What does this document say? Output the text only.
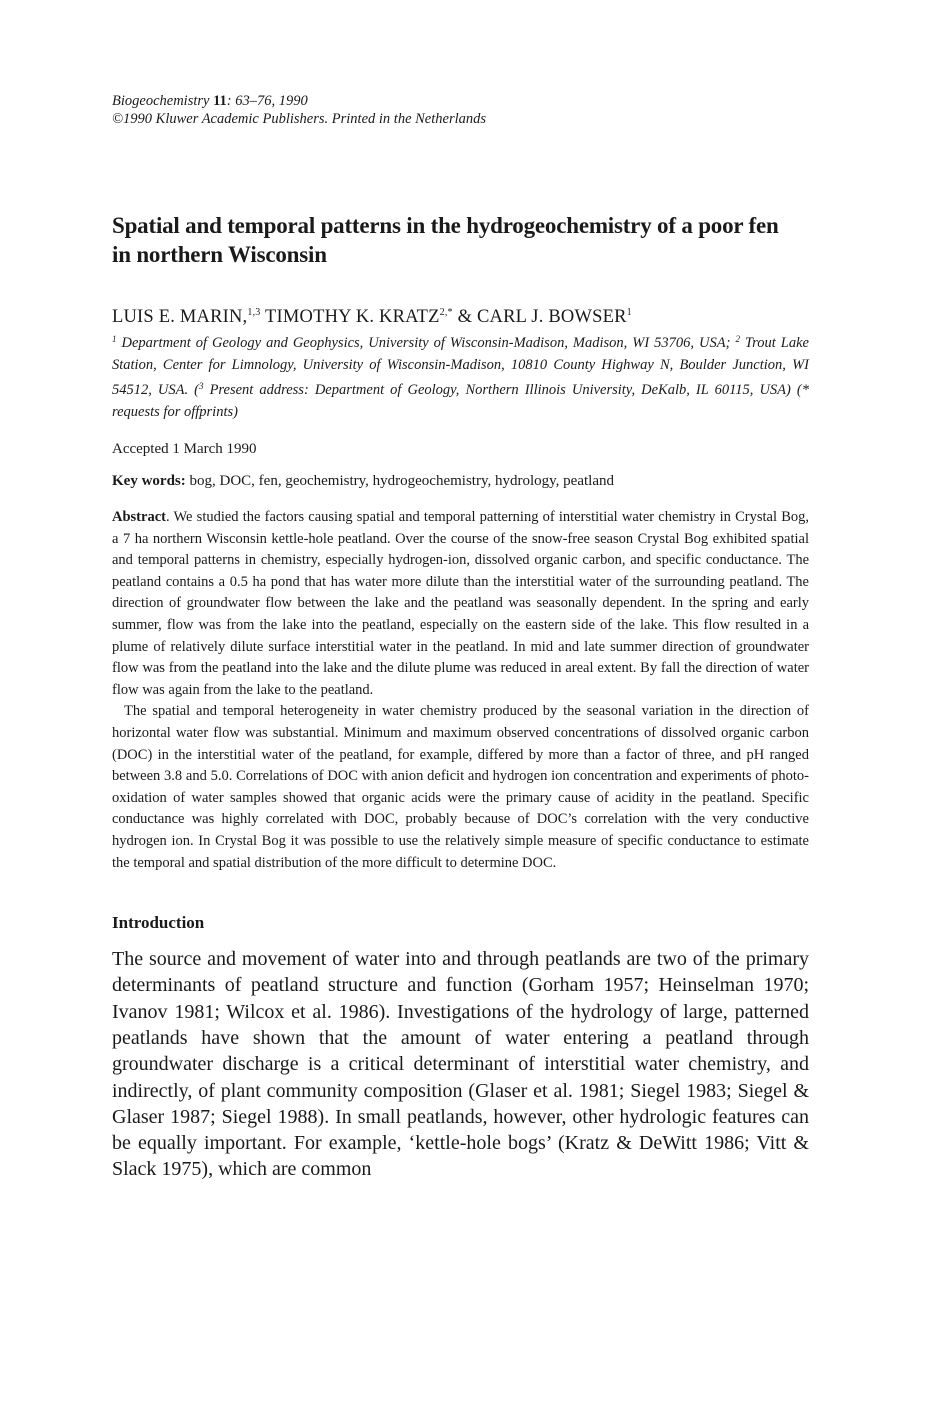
Biogeochemistry 11: 63–76, 1990
©1990 Kluwer Academic Publishers. Printed in the Netherlands
Spatial and temporal patterns in the hydrogeochemistry of a poor fen in northern Wisconsin
LUIS E. MARIN,$^{1,3}$ TIMOTHY K. $KRATZ^{2,*}$ & CARL J. BOWSER$^1$
$^1$ Department of Geology and Geophysics, University of Wisconsin-Madison, Madison, WI 53706, USA; $^2$ Trout Lake Station, Center for Limnology, University of Wisconsin-Madison, 10810 County Highway N, Boulder Junction, WI 54512, USA. ($^3$ Present address: Department of Geology, Northern Illinois University, DeKalb, IL 60115, USA) (* requests for offprints)
Accepted 1 March 1990
Key words: bog, DOC, fen, geochemistry, hydrogeochemistry, hydrology, peatland

Abstract. We studied the factors causing spatial and temporal patterning of interstitial water chemistry in Crystal Bog, a 7 ha northern Wisconsin kettle-hole peatland. Over the course of the snow-free season Crystal Bog exhibited spatial and temporal patterns in chemistry, especially hydrogen-ion, dissolved organic carbon, and specific conductance. The peatland contains a 0.5 ha pond that has water more dilute than the interstitial water of the surrounding peatland. The direction of groundwater flow between the lake and the peatland was seasonally dependent. In the spring and early summer, flow was from the lake into the peatland, especially on the eastern side of the lake. This flow resulted in a plume of relatively dilute surface interstitial water in the peatland. In mid and late summer direction of groundwater flow was from the peatland into the lake and the dilute plume was reduced in areal extent. By fall the direction of water flow was again from the lake to the peatland.

The spatial and temporal heterogeneity in water chemistry produced by the seasonal variation in the direction of horizontal water flow was substantial. Minimum and maximum observed concentrations of dissolved organic carbon (DOC) in the interstitial water of the peatland, for example, differed by more than a factor of three, and pH ranged between 3.8 and 5.0. Correlations of DOC with anion deficit and hydrogen ion concentration and experiments of photo-oxidation of water samples showed that organic acids were the primary cause of acidity in the peatland. Specific conductance was highly correlated with DOC, probably because of DOC’s correlation with the very conductive hydrogen ion. In Crystal Bog it was possible to use the relatively simple measure of specific conductance to estimate the temporal and spatial distribution of the more difficult to determine DOC.

Introduction

The source and movement of water into and through peatlands are two of the primary determinants of peatland structure and function (Gorham 1957; Heinselman 1970; Ivanov 1981; Wilcox et al. 1986). Investigations of the hydrology of large, patterned peatlands have shown that the amount of water entering a peatland through groundwater discharge is a critical determinant of interstitial water chemistry, and indirectly, of plant community composition (Glaser et al. 1981; Siegel 1983; Siegel & Glaser 1987; Siegel 1988). In small peatlands, however, other hydrologic features can be equally important. For example, ‘kettle-hole bogs’ (Kratz & DeWitt 1986; Vitt & Slack 1975), which are common
